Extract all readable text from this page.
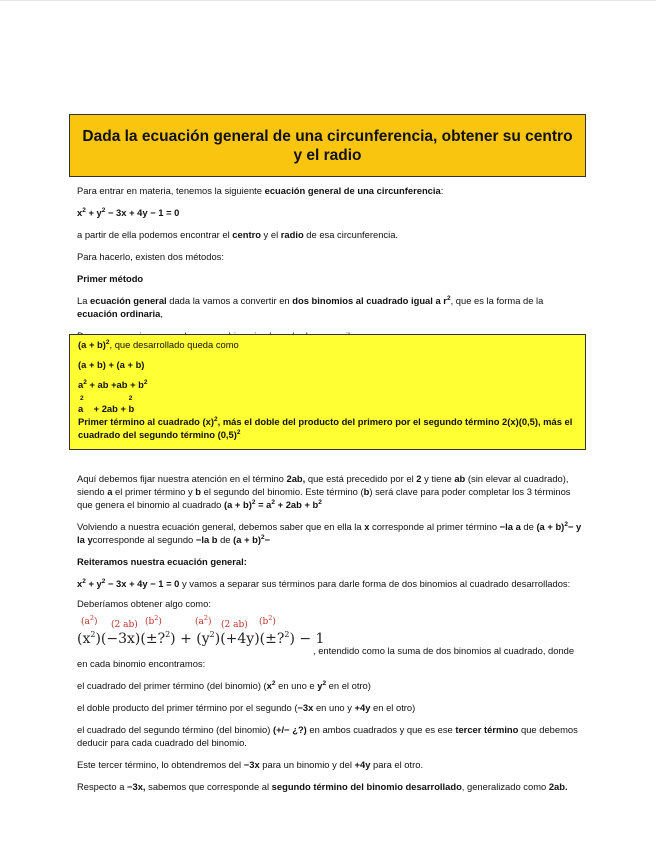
Dada la ecuación general de una circunferencia, obtener su centro y el radio

Para entrar en materia, tenemos la siguiente ecuación general de una circunferencia:

$x^2 + y^2 - 3x + 4y - 1 = 0$

a partir de ella podemos encontrar el centro y el radio de esa circunferencia.

Para hacerlo, existen dos métodos:

Primer método

La ecuación general dada la vamos a convertir en dos binomios al cuadrado igual a $r^2$, que es la forma de la ecuación ordinaria,

$(a + b)^2$, que desarrollado queda como

(a + b) + (a + b)

$a^2$ + ab $+ab + b^2$

2                         2

a    + 2ab + b

Primer término al cuadrado $(x)^2$, más el doble del producto del primero por el segundo término 2(x)(0,5), más el cuadrado del segundo término $(0,5)^2$

Aquí debemos fijar nuestra atención en el término 2ab, que está precedido por el 2 y tiene ab (sin elevar al cuadrado), siendo a el primer término y b el segundo del binomio. Este término (b) será clave para poder completar los 3 términos que genera el binomio al cuadrado $(a + b)^2 = a^2 + 2ab + b^2$

Volviendo a nuestra ecuación general, debemos saber que en ella la x corresponde al primer término −la a de $(a + b)^2- y$ la ycorresponde al segundo −la b de $(a + b)^2-$

Reiteramos nuestra ecuación general:

$x^2 + y^2 - 3x + 4y - 1 = 0$ y vamos a separar sus términos para darle forma de dos binomios al cuadrado desarrollados:

Deberíamos obtener algo como:

$(a^2)$ (2 ab) $(b^2)$	$(a^2)$ (2 ab) $(b^2)$
$(x^2)(-3x)(\pm?^2)$ + $(y^2)(+4y)(\pm?^2) - 1$

, entendido como la suma de dos binomios al cuadrado, donde en cada binomio encontramos:

el cuadrado del primer término (del binomio) ($x^2$ en uno e $y^2$ en el otro)

el doble producto del primer término por el segundo (−3x en uno y +4y en el otro)

el cuadrado del segundo término (del binomio) (+/− ¿?) en ambos cuadrados y que es ese tercer término que debemos deducir para cada cuadrado del binomio.

Este tercer término, lo obtendremos del −3x para un binomio y del +4y para el otro.

Respecto a −3x, sabemos que corresponde al segundo término del binomio desarrollado, generalizado como 2ab.
